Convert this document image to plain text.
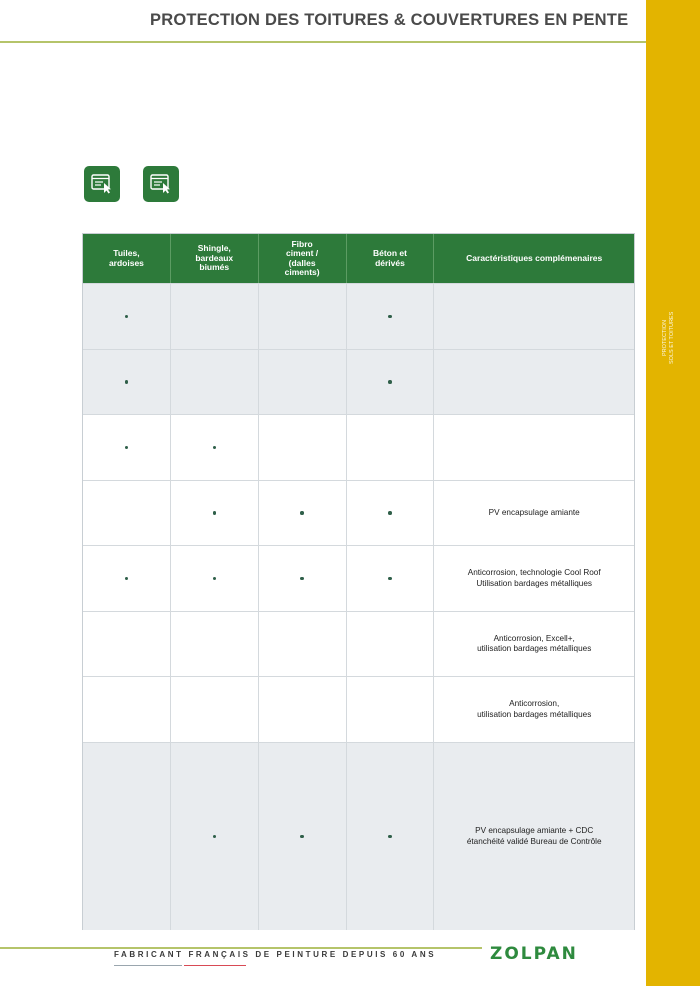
PROTECTION DES TOITURES & COUVERTURES EN PENTE
PROTECTION
SOLS ET TOITURES
Tuiles,
ardoises
Shingle,
bardeaux
biumés
Fibro
ciment /
(dalles
ciments)
Béton et
dérivés	Caractéristiques complémenaires
PV encapsulage amiante
Anticorrosion, technologie Cool Roof
Utilisation bardages métalliques
Anticorrosion, Excell+,
utilisation bardages métalliques
Anticorrosion,
utilisation bardages métalliques
PV encapsulage amiante + CDC
étanchéité validé Bureau de Contrôle
FABRICANT FRANÇAIS DE PEINTURE DEPUIS 60 ANS	ZOLPAN
